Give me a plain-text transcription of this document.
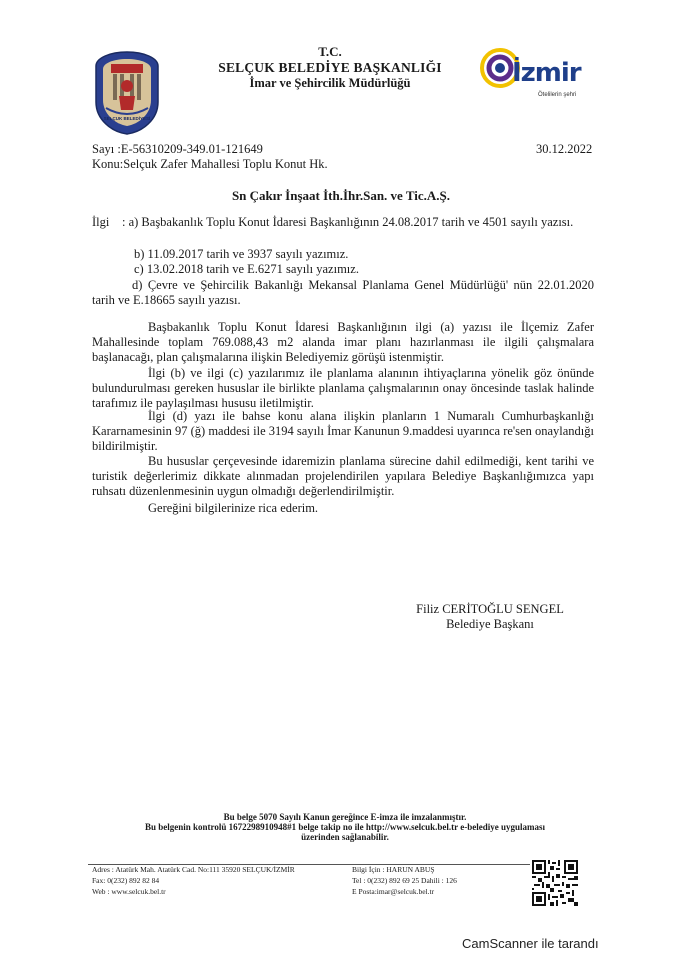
SELÇUK BELEDİYESİ
T.C.
SELÇUK BELEDİYE BAŞKANLIĞI
İmar ve Şehircilik Müdürlüğü	İzmir
Ötelilerin şehri
Sayı :E-56310209-349.01-121649	30.12.2022
Konu:Selçuk Zafer Mahallesi Toplu Konut Hk.
Sn Çakır İnşaat İth.İhr.San. ve Tic.A.Ş.
İlgi	: a) Başbakanlık Toplu Konut İdaresi Başkanlığının 24.08.2017 tarih ve 4501 sayılı yazısı.
b) 11.09.2017 tarih ve 3937 sayılı yazımız.
c) 13.02.2018 tarih ve E.6271 sayılı yazımız.
d) Çevre ve Şehircilik Bakanlığı Mekansal Planlama Genel Müdürlüğü' nün 22.01.2020 tarih ve E.18665 sayılı yazısı.
Başbakanlık Toplu Konut İdaresi Başkanlığının ilgi (a) yazısı ile İlçemiz Zafer Mahallesinde toplam 769.088,43 m2 alanda imar planı hazırlanması ile ilgili çalışmalara başlanacağı, plan çalışmalarına ilişkin Belediyemiz görüşü istenmiştir.
İlgi (b) ve ilgi (c) yazılarımız ile planlama alanının ihtiyaçlarına yönelik göz önünde bulundurulması gereken hususlar ile birlikte planlama çalışmalarının onay öncesinde taslak halinde tarafımız ile paylaşılması hususu iletilmiştir.
İlgi (d) yazı ile bahse konu alana ilişkin planların 1 Numaralı Cumhurbaşkanlığı Kararnamesinin 97 (ğ) maddesi ile 3194 sayılı İmar Kanunun 9.maddesi uyarınca re'sen onaylandığı bildirilmiştir.
Bu hususlar çerçevesinde idaremizin planlama sürecine dahil edilmediği, kent tarihi ve turistik değerlerimiz dikkate alınmadan projelendirilen yapılara Belediye Başkanlığımızca yapı ruhsatı düzenlenmesinin uygun olmadığı değerlendirilmiştir.
Gereğini bilgilerinize rica ederim.
Filiz CERİTOĞLU SENGEL
Belediye Başkanı
Bu belge 5070 Sayılı Kanun gereğince E-imza ile imzalanmıştır.
Bu belgenin kontrolü 1672298910948#1 belge takip no ile http://www.selcuk.bel.tr e-belediye uygulaması
üzerinden sağlanabilir.
Adres : Atatürk Mah. Atatürk Cad. No:111 35920 SELÇUK/İZMİR
Fax: 0(232) 892 82 84
Web : www.selcuk.bel.tr
Bilgi İçin : HARUN ABUŞ
Tel : 0(232) 892 69 25 Dahili : 126
E Posta:imar@selcuk.bel.tr
CamScanner ile tarandı
